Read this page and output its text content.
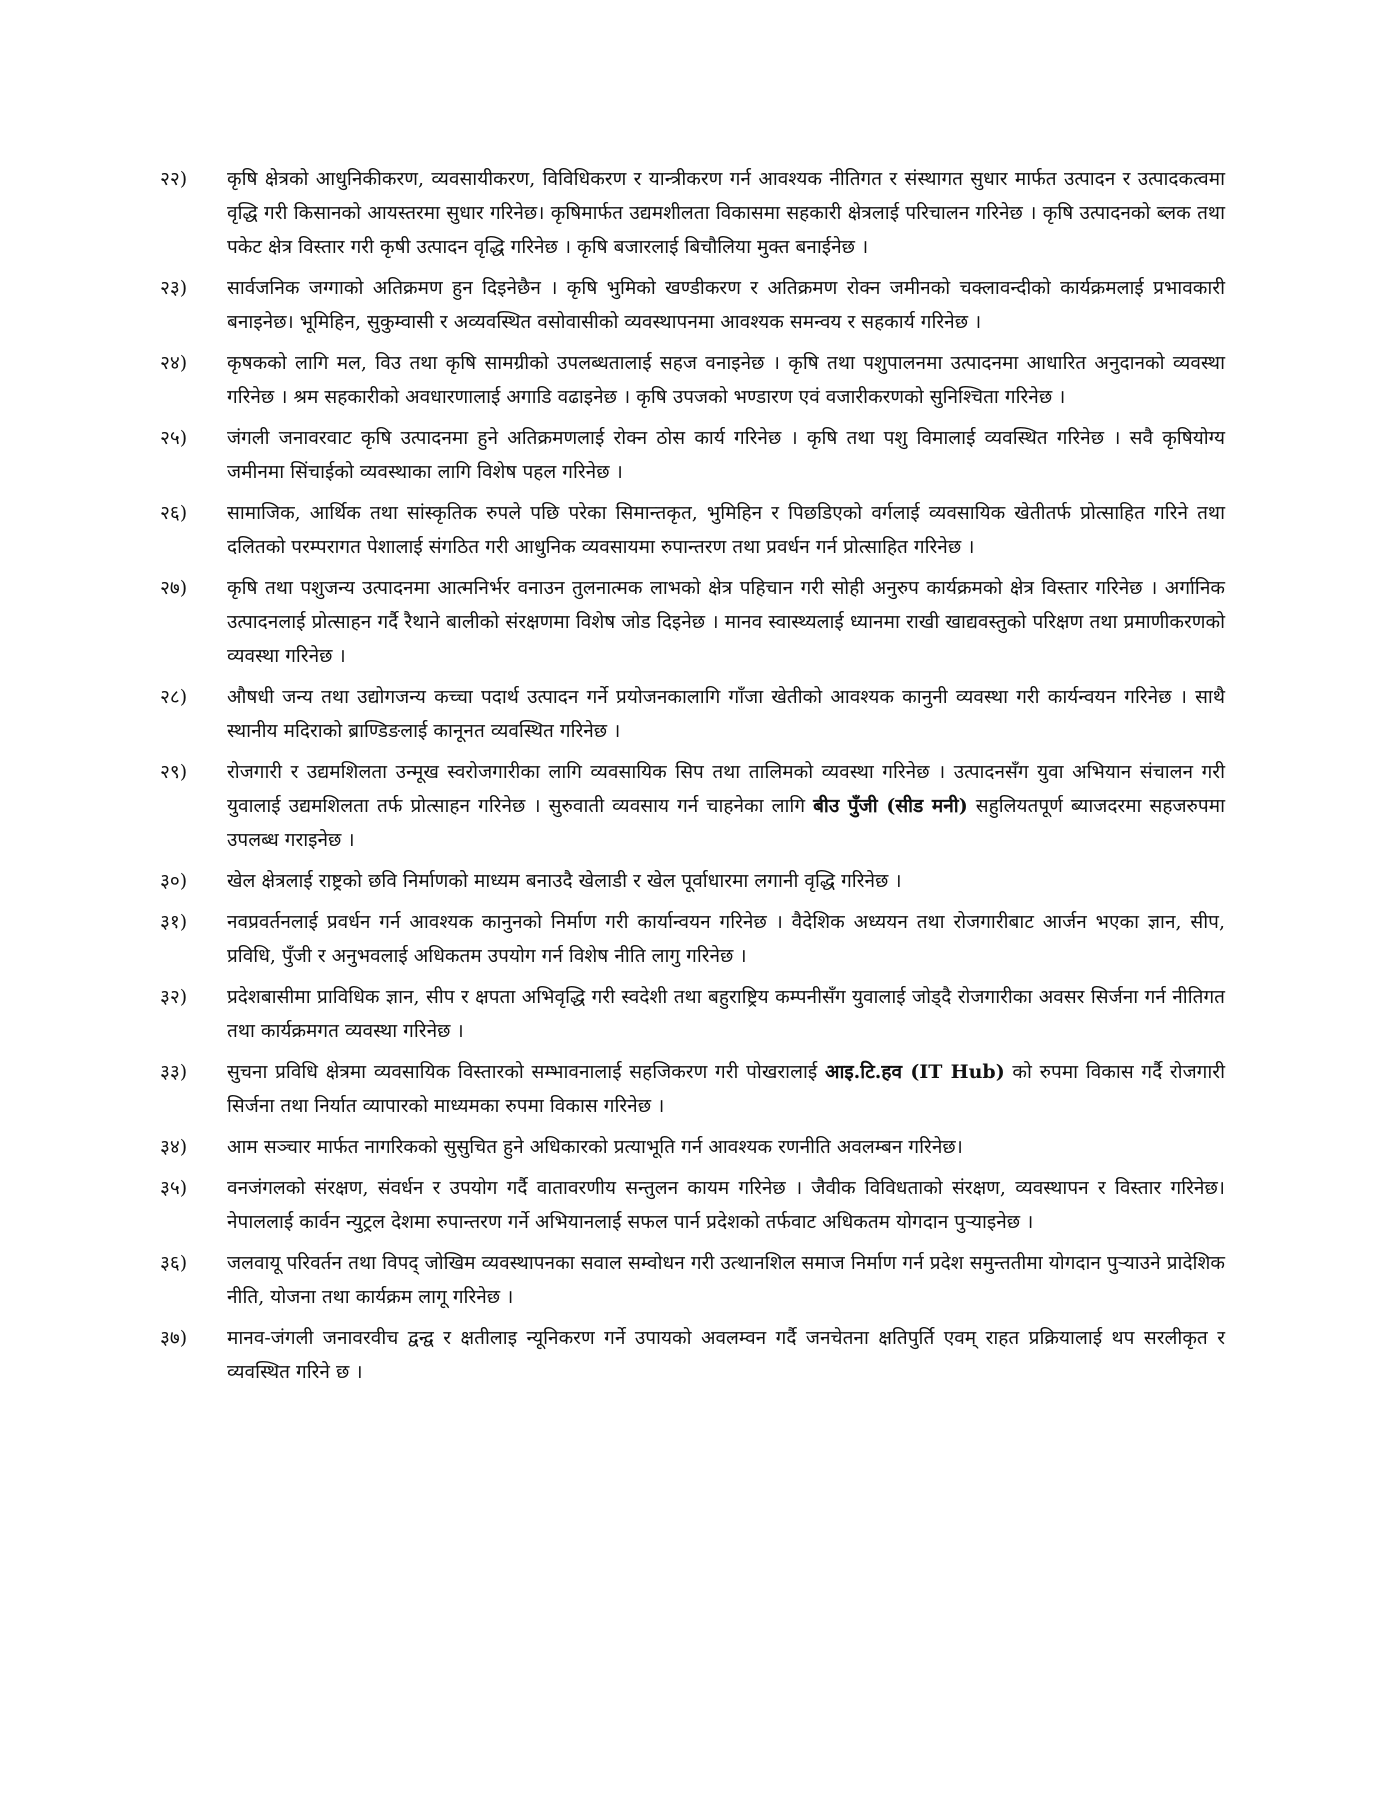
२२)	कृषि क्षेत्रको आधुनिकीकरण, व्यवसायीकरण, विविधिकरण र यान्त्रीकरण गर्न आवश्यक नीतिगत र संस्थागत सुधार मार्फत उत्पादन र उत्पादकत्वमा वृद्धि गरी किसानको आयस्तरमा सुधार गरिनेछ। कृषिमार्फत उद्यमशीलता विकासमा सहकारी क्षेत्रलाई परिचालन गरिनेछ । कृषि उत्पादनको ब्लक तथा पकेट क्षेत्र विस्तार गरी कृषी उत्पादन वृद्धि गरिनेछ । कृषि बजारलाई बिचौलिया मुक्त बनाईनेछ ।
२३)	सार्वजनिक जग्गाको अतिक्रमण हुन दिइनेछैन । कृषि भुमिको खण्डीकरण र अतिक्रमण रोक्न जमीनको चक्लावन्दीको कार्यक्रमलाई प्रभावकारी बनाइनेछ। भूमिहिन, सुकुम्वासी र अव्यवस्थित वसोवासीको व्यवस्थापनमा आवश्यक समन्वय र सहकार्य गरिनेछ ।
२४)	कृषकको लागि मल, विउ तथा कृषि सामग्रीको उपलब्धतालाई सहज वनाइनेछ । कृषि तथा पशुपालनमा उत्पादनमा आधारित अनुदानको व्यवस्था गरिनेछ । श्रम सहकारीको अवधारणालाई अगाडि वढाइनेछ । कृषि उपजको भण्डारण एवं वजारीकरणको सुनिश्चिता गरिनेछ ।
२५)	जंगली जनावरवाट कृषि उत्पादनमा हुने अतिक्रमणलाई रोक्न ठोस कार्य गरिनेछ । कृषि तथा पशु विमालाई व्यवस्थित गरिनेछ । सवै कृषियोग्य जमीनमा सिंचाईको व्यवस्थाका लागि विशेष पहल गरिनेछ ।
२६)	सामाजिक, आर्थिक तथा सांस्कृतिक रुपले पछि परेका सिमान्तकृत, भुमिहिन र पिछडिएको वर्गलाई व्यवसायिक खेतीतर्फ प्रोत्साहित गरिने तथा दलितको परम्परागत पेशालाई संगठित गरी आधुनिक व्यवसायमा रुपान्तरण तथा प्रवर्धन गर्न प्रोत्साहित गरिनेछ ।
२७)	कृषि तथा पशुजन्य उत्पादनमा आत्मनिर्भर वनाउन तुलनात्मक लाभको क्षेत्र पहिचान गरी सोही अनुरुप कार्यक्रमको क्षेत्र विस्तार गरिनेछ । अर्गानिक उत्पादनलाई प्रोत्साहन गर्दै रैथाने बालीको संरक्षणमा विशेष जोड दिइनेछ । मानव स्वास्थ्यलाई ध्यानमा राखी खाद्यवस्तुको परिक्षण तथा प्रमाणीकरणको व्यवस्था गरिनेछ ।
२८)	औषधी जन्य तथा उद्योगजन्य कच्चा पदार्थ उत्पादन गर्ने प्रयोजनकालागि गाँजा खेतीको आवश्यक कानुनी व्यवस्था गरी कार्यन्वयन गरिनेछ । साथै स्थानीय मदिराको ब्राण्डिङलाई कानूनत व्यवस्थित गरिनेछ ।
२९)	रोजगारी र उद्यमशिलता उन्मूख स्वरोजगारीका लागि व्यवसायिक सिप तथा तालिमको व्यवस्था गरिनेछ । उत्पादनसँग युवा अभियान संचालन गरी युवालाई उद्यमशिलता तर्फ प्रोत्साहन गरिनेछ । सुरुवाती व्यवसाय गर्न चाहनेका लागि बीउ पुँजी (सीड मनी) सहुलियतपूर्ण ब्याजदरमा सहजरुपमा उपलब्ध गराइनेछ ।
३०)	खेल क्षेत्रलाई राष्ट्रको छवि निर्माणको माध्यम बनाउदै खेलाडी र खेल पूर्वाधारमा लगानी वृद्धि गरिनेछ ।
३१)	नवप्रवर्तनलाई प्रवर्धन गर्न आवश्यक कानुनको निर्माण गरी कार्यान्वयन गरिनेछ । वैदेशिक अध्ययन तथा रोजगारीबाट आर्जन भएका ज्ञान, सीप, प्रविधि, पुँजी र अनुभवलाई अधिकतम उपयोग गर्न विशेष नीति लागु गरिनेछ ।
३२)	प्रदेशबासीमा प्राविधिक ज्ञान, सीप र क्षपता अभिवृद्धि गरी स्वदेशी तथा बहुराष्ट्रिय कम्पनीसँग युवालाई जोड्दै रोजगारीका अवसर सिर्जना गर्न नीतिगत तथा कार्यक्रमगत व्यवस्था गरिनेछ ।
३३)	सुचना प्रविधि क्षेत्रमा व्यवसायिक विस्तारको सम्भावनालाई सहजिकरण गरी पोखरालाई आइ.टि.हव (IT Hub) को रुपमा विकास गर्दै रोजगारी सिर्जना तथा निर्यात व्यापारको माध्यमका रुपमा विकास गरिनेछ ।
३४)	आम सञ्चार मार्फत नागरिकको सुसुचित हुने अधिकारको प्रत्याभूति गर्न आवश्यक रणनीति अवलम्बन गरिनेछ।
३५)	वनजंगलको संरक्षण, संवर्धन र उपयोग गर्दै वातावरणीय सन्तुलन कायम गरिनेछ । जैवीक विविधताको संरक्षण, व्यवस्थापन र विस्तार गरिनेछ। नेपाललाई कार्वन न्युट्रल देशमा रुपान्तरण गर्ने अभियानलाई सफल पार्न प्रदेशको तर्फवाट अधिकतम योगदान पुऱ्याइनेछ ।
३६)	जलवायू परिवर्तन तथा विपद् जोखिम व्यवस्थापनका सवाल सम्वोधन गरी उत्थानशिल समाज निर्माण गर्न प्रदेश समुन्ततीमा योगदान पुऱ्याउने प्रादेशिक नीति, योजना तथा कार्यक्रम लागू गरिनेछ ।
३७)	मानव-जंगली जनावरवीच द्वन्द्व र क्षतीलाइ न्यूनिकरण गर्ने उपायको अवलम्वन गर्दै जनचेतना क्षतिपुर्ति एवम् राहत प्रक्रियालाई थप सरलीकृत र व्यवस्थित गरिने छ ।
